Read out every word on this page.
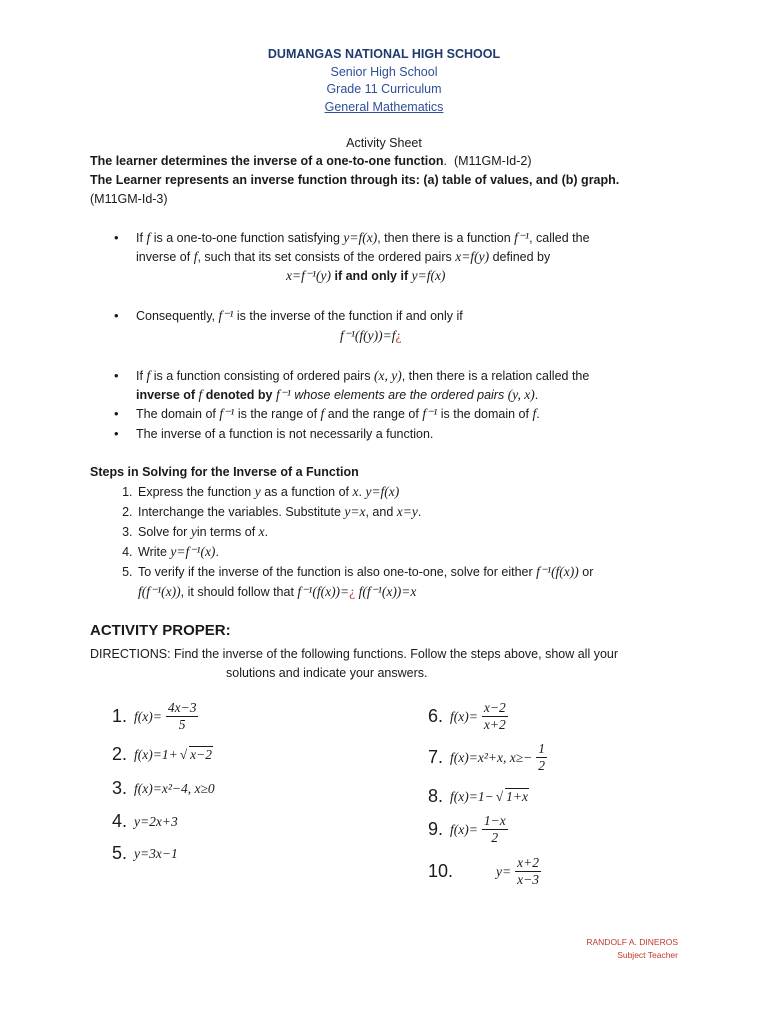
DUMANGAS NATIONAL HIGH SCHOOL
Senior High School
Grade 11 Curriculum
General Mathematics
Activity Sheet
The learner determines the inverse of a one-to-one function.  (M11GM-Id-2)
The Learner represents an inverse function through its: (a) table of values, and (b) graph.
(M11GM-Id-3)
• If f is a one-to-one function satisfying y=f(x), then there is a function f⁻¹, called the
inverse of f, such that its set consists of the ordered pairs x=f(y) defined by
x=f⁻¹(y) if and only if y=f(x)
• Consequently, f⁻¹ is the inverse of the function if and only if
f⁻¹(f(y))=f¿
• If f is a function consisting of ordered pairs (x, y), then there is a relation called the
inverse of f denoted by f⁻¹ whose elements are the ordered pairs (y, x).
• The domain of f⁻¹ is the range of f and the range of f⁻¹ is the domain of f.
• The inverse of a function is not necessarily a function.
Steps in Solving for the Inverse of a Function
1. Express the function y as a function of x. y=f(x)
2. Interchange the variables. Substitute y=x, and x=y.
3. Solve for yin terms of x.
4. Write y=f⁻¹(x).
5. To verify if the inverse of the function is also one-to-one, solve for either f⁻¹(f(x)) or
f(f⁻¹(x)), it should follow that f⁻¹(f(x))=¿ f(f⁻¹(x))=x
ACTIVITY PROPER:
DIRECTIONS: Find the inverse of the following functions. Follow the steps above, show all your
solutions and indicate your answers.
1. $f(x)= \frac{4x-3}{5}$
2. f(x)=1+ √ x−2
3. f(x)=x²−4, x≥0
4. y=2x+3
5. y=3x−1
6. $f(x)= \frac{x-2}{x+2}$
7. f(x)=x²+x, $x\ge- \frac{1}{2}$
8. f(x)=1− √ 1+x
9. $f(x)= \frac{1-x}{2}$
10.	$y= \frac{x+2}{x-3}$
RANDOLF A. DINEROS
Subject Teacher
